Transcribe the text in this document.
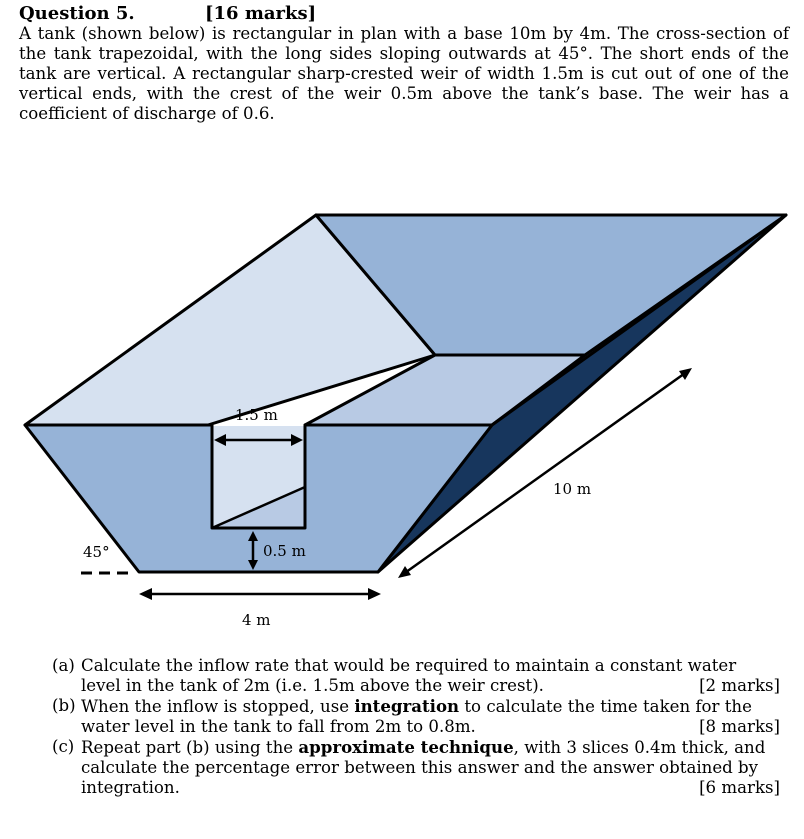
Question 5.	[16 marks]
A tank (shown below) is rectangular in plan with a base 10m by 4m. The cross-section of the tank trapezoidal, with the long sides sloping outwards at 45°. The short ends of the tank are vertical. A rectangular sharp-crested weir of width 1.5m is cut out of one of the vertical ends, with the crest of the weir 0.5m above the tank’s base. The weir has a coefficient of discharge of 0.6.
1.5 m
0.5 m
45°
4 m
10 m
(a) Calculate the inflow rate that would be required to maintain a constant water level in the tank of 2m (i.e. 1.5m above the weir crest).	[2 marks]
(b) When the inflow is stopped, use integration to calculate the time taken for the water level in the tank to fall from 2m to 0.8m.	[8 marks]
(c) Repeat part (b) using the approximate technique, with 3 slices 0.4m thick, and calculate the percentage error between this answer and the answer obtained by integration.	[6 marks]
